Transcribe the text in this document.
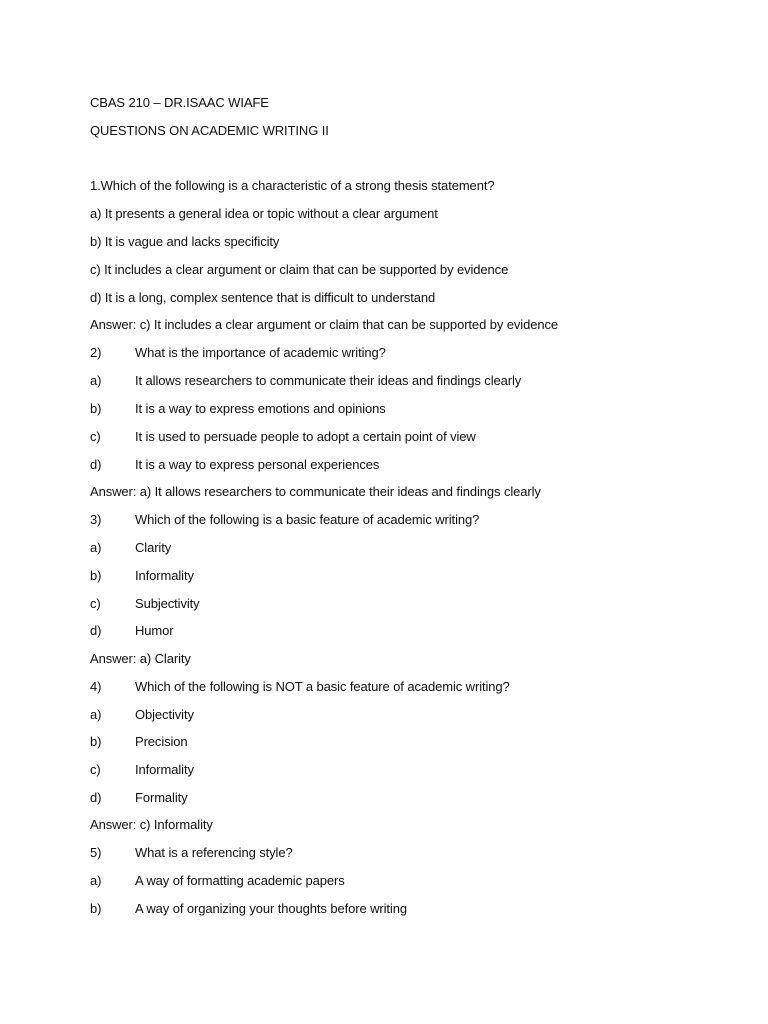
CBAS 210 – DR.ISAAC WIAFE
QUESTIONS ON ACADEMIC WRITING II
1.Which of the following is a characteristic of a strong thesis statement?
a) It presents a general idea or topic without a clear argument
b) It is vague and lacks specificity
c) It includes a clear argument or claim that can be supported by evidence
d) It is a long, complex sentence that is difficult to understand
Answer: c) It includes a clear argument or claim that can be supported by evidence
2)	What is the importance of academic writing?
a)	It allows researchers to communicate their ideas and findings clearly
b)	It is a way to express emotions and opinions
c)	It is used to persuade people to adopt a certain point of view
d)	It is a way to express personal experiences
Answer: a) It allows researchers to communicate their ideas and findings clearly
3)	Which of the following is a basic feature of academic writing?
a)	Clarity
b)	Informality
c)	Subjectivity
d)	Humor
Answer: a) Clarity
4)	Which of the following is NOT a basic feature of academic writing?
a)	Objectivity
b)	Precision
c)	Informality
d)	Formality
Answer: c) Informality
5)	What is a referencing style?
a)	A way of formatting academic papers
b)	A way of organizing your thoughts before writing
